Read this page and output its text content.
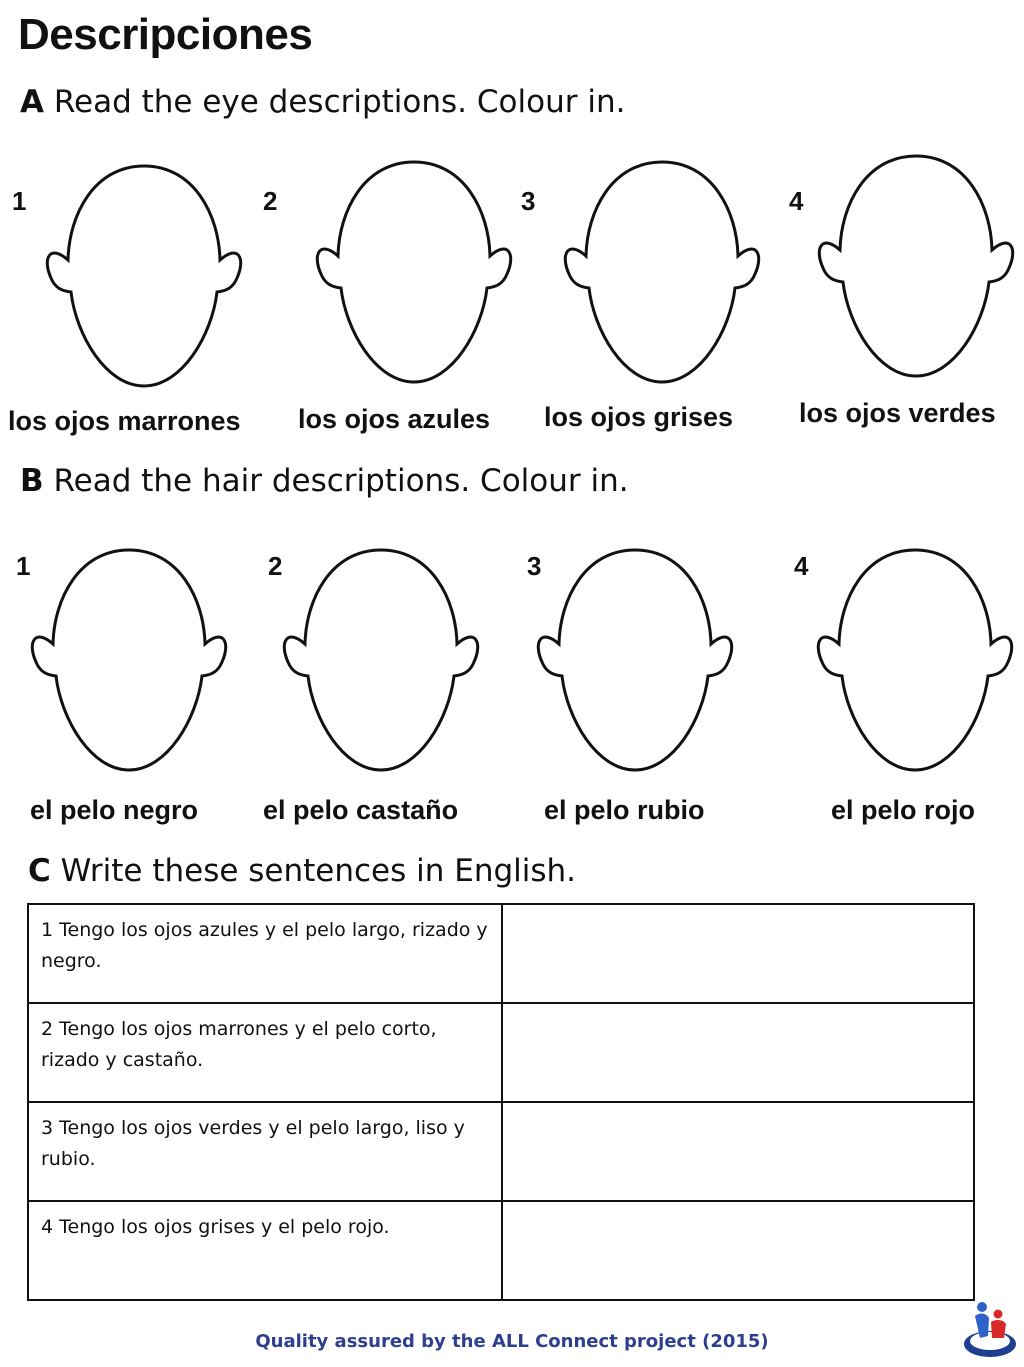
Descripciones
A Read the eye descriptions. Colour in.
1	2	3	4
los ojos marrones los ojos azules los ojos grises los ojos verdes
B Read the hair descriptions. Colour in.
1	2	3	4
el pelo negro el pelo castaño	el pelo rubio	el pelo rojo
C Write these sentences in English.
1 Tengo los ojos azules y el pelo largo, rizado y negro.	
2 Tengo los ojos marrones y el pelo corto, rizado y castaño.	
3 Tengo los ojos verdes y el pelo largo, liso y rubio.	
4 Tengo los ojos grises y el pelo rojo.	
Quality assured by the ALL Connect project (2015)
